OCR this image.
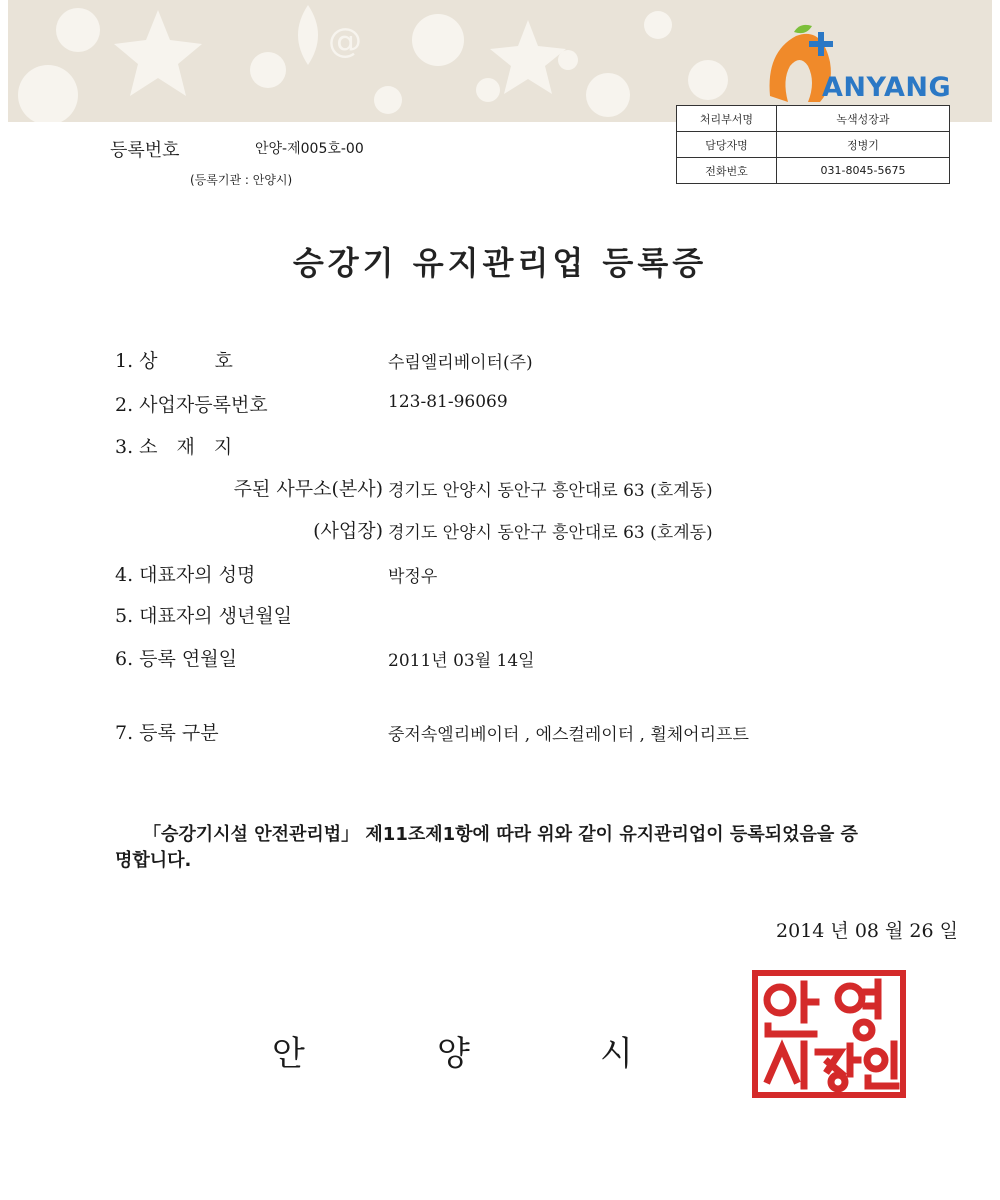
@
ANYANG
처리부서명	녹색성장과
담당자명	정병기
전화번호	031-8045-5675
등록번호	안양-제005호-00
(등록기관 : 안양시)
승강기 유지관리업 등록증
1. 상　　　호	수림엘리베이터(주)
2. 사업자등록번호	123-81-96069
3. 소　재　지
주된 사무소(본사) 경기도 안양시 동안구 흥안대로 63 (호계동)
(사업장) 경기도 안양시 동안구 흥안대로 63 (호계동)
4. 대표자의 성명	박정우
5. 대표자의 생년월일
6. 등록 연월일	2011년 03월 14일
7. 등록 구분	중저속엘리베이터 , 에스컬레이터 , 휠체어리프트
「승강기시설 안전관리법」 제11조제1항에 따라 위와 같이 유지관리업이 등록되었음을 증
명합니다.
2014 년 08 월 26 일
안	양	시
